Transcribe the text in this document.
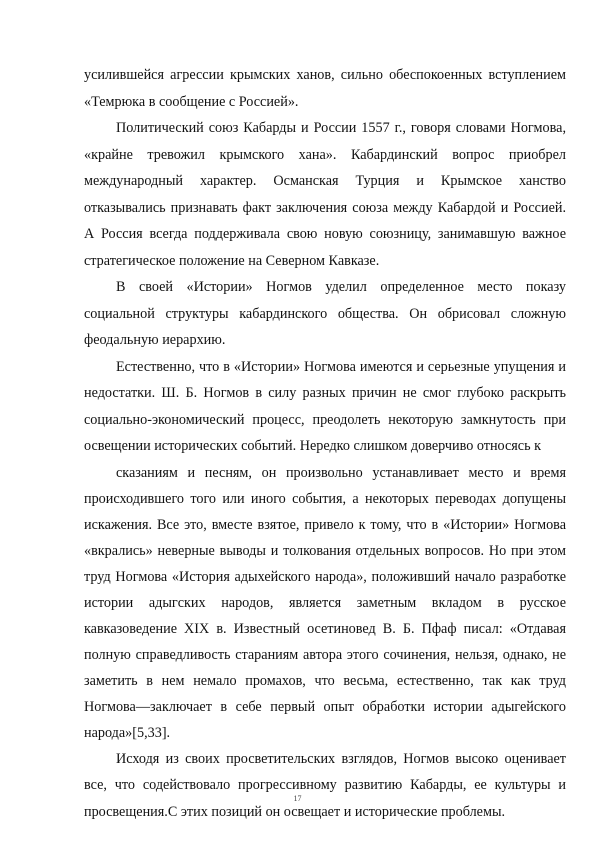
усилившейся агрессии крымских ханов, сильно обеспокоенных вступлением «Темрюка в сообщение с Россией».

Политический союз Кабарды и России 1557 г., говоря словами Ногмова, «крайне тревожил крымского хана». Кабардинский вопрос приобрел международный характер. Османская Турция и Крымское ханство отказывались признавать факт заключения союза между Кабардой и Россией. А Россия всегда поддерживала свою новую союзницу, занимавшую важное стратегическое положение на Северном Кавказе.

В своей «Истории» Ногмов уделил определенное место показу социальной структуры кабардинского общества. Он обрисовал сложную феодальную иерархию.

Естественно, что в «Истории» Ногмова имеются и серьезные упущения и недостатки. Ш. Б. Ногмов в силу разных причин не смог глубоко раскрыть социально-экономический процесс, преодолеть некоторую замкнутость при освещении исторических событий. Нередко слишком доверчиво относясь к

сказаниям и песням, он произвольно устанавливает место и время происходившего того или иного события, а некоторых переводах допущены искажения. Все это, вместе взятое, привело к тому, что в «Истории» Ногмова «вкрались» неверные выводы и толкования отдельных вопросов. Но при этом труд Ногмова «История адыхейского народа», положивший начало разработке истории адыгских народов, является заметным вкладом в русское кавказоведение XIX в. Известный осетиновед В. Б. Пфаф писал: «Отдавая полную справедливость стараниям автора этого сочинения, нельзя, однако, не заметить в нем немало промахов, что весьма, естественно, так как труд Ногмова—заключает в себе первый опыт обработки истории адыгейского народа»[5,33].

Исходя из своих просветительских взглядов, Ногмов высоко оценивает все, что содействовало прогрессивному развитию Кабарды, ее культуры и просвещения.С этих позиций он освещает и исторические проблемы.

17
